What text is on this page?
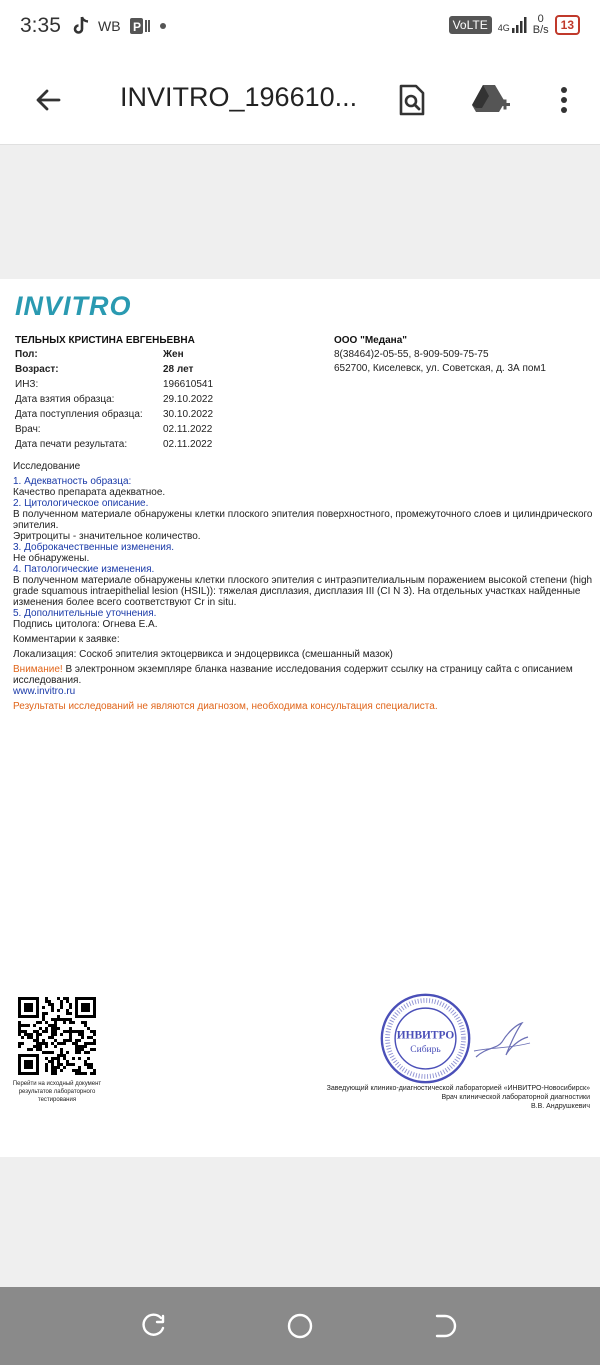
3:35	WB P	VoLTE	4G
0
B/s	13
INVITRO_196610...
INVITRO
ТЕЛЬНЫХ КРИСТИНА ЕВГЕНЬЕВНА
Пол:	Жен
Возраст:	28 лет
ИНЗ:	196610541
Дата взятия образца:	29.10.2022
Дата поступления образца: 30.10.2022
Врач:	02.11.2022
Дата печати результата:	02.11.2022
ООО "Медана"
8(38464)2-05-55, 8-909-509-75-75
652700, Киселевск, ул. Советская, д. 3А пом1

Исследование

1. Адекватность образца:

Качество препарата адекватное.

2. Цитологическое описание.

В полученном материале обнаружены клетки плоского эпителия поверхностного, промежуточного слоев и цилиндрического эпителия.

Эритроциты - значительное количество.

3. Доброкачественные изменения.

Не обнаружены.

4. Патологические изменения.

В полученном материале обнаружены клетки плоского эпителия с интраэпителиальным поражением высокой степени (high grade squamous intraepithelial lesion (HSIL)): тяжелая дисплазия, дисплазия III (CI N 3). На отдельных участках найденные изменения более всего соответствуют Cr in situ.

5. Дополнительные уточнения.

Подпись цитолога: Огнева Е.А.

Комментарии к заявке:

Локализация: Соскоб эпителия эктоцервикса и эндоцервикса (смешанный мазок)

Внимание! В электронном экземпляре бланка название исследования содержит ссылку на страницу сайта с описанием исследования.

www.invitro.ru

Результаты исследований не являются диагнозом, необходима консультация специалиста.

Перейти на исходный документ результатов лабораторного тестирования
ИНВИТРО
Сибирь
Заведующий клинико-диагностической лабораторией «ИНВИТРО-Новосибирск»
Врач клинической лабораторной диагностики
В.В. Андрушкевич
